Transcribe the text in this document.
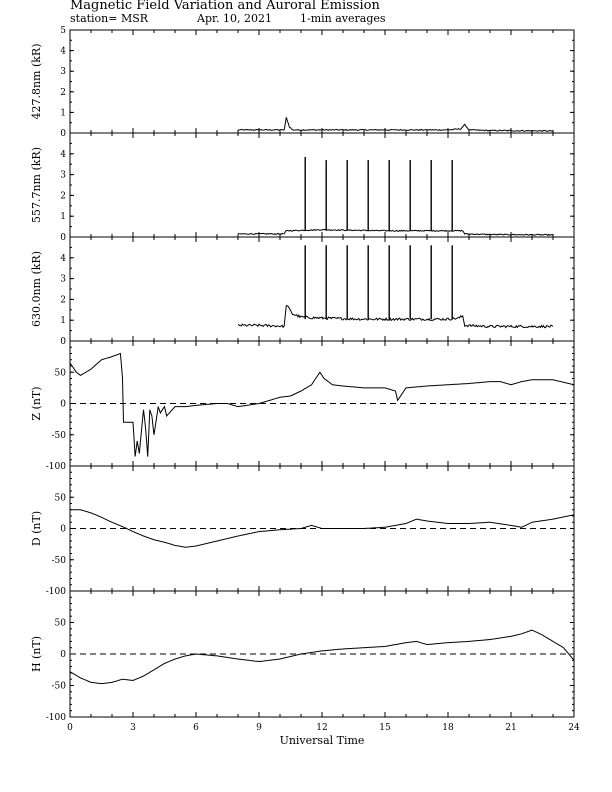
Magnetic Field Variation and Auroral Emission
station= MSR	Apr. 10, 2021	1-min averages
0
1
2
3
4
5
427.8nm (kR)
0
1
2
3
4
557.7nm (kR)
0
1
2
3
4
630.0nm (kR)
-100
-50
0
50
Z (nT)
-100
-50
0
50
D (nT)
-100
-50
0
50
0	3	6	9	12	15	18	21	24
Universal Time
H (nT)
